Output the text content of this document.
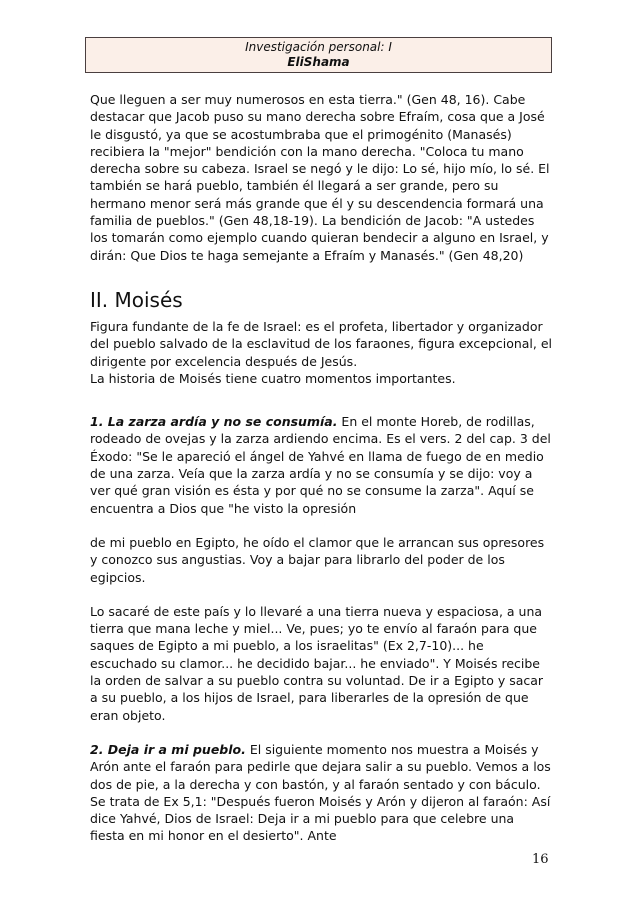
Investigación personal: I
EliShama

Que lleguen a ser muy numerosos en esta tierra." (Gen 48, 16). Cabe destacar que Jacob puso su mano derecha sobre Efraím, cosa que a José le disgustó, ya que se acostumbraba que el primogénito (Manasés) recibiera la "mejor" bendición con la mano derecha. "Coloca tu mano derecha sobre su cabeza. Israel se negó y le dijo: Lo sé, hijo mío, lo sé. El también se hará pueblo, también él llegará a ser grande, pero su hermano menor será más grande que él y su descendencia formará una familia de pueblos." (Gen 48,18-19). La bendición de Jacob: "A ustedes los tomarán como ejemplo cuando quieran bendecir a alguno en Israel, y dirán: Que Dios te haga semejante a Efraím y Manasés." (Gen 48,20)

II. Moisés

Figura fundante de la fe de Israel: es el profeta, libertador y organizador del pueblo salvado de la esclavitud de los faraones, figura excepcional, el dirigente por excelencia después de Jesús.

La historia de Moisés tiene cuatro momentos importantes.

1. La zarza ardía y no se consumía. En el monte Horeb, de rodillas, rodeado de ovejas y la zarza ardiendo encima. Es el vers. 2 del cap. 3 del Éxodo: "Se le apareció el ángel de Yahvé en llama de fuego de en medio de una zarza. Veía que la zarza ardía y no se consumía y se dijo: voy a ver qué gran visión es ésta y por qué no se consume la zarza". Aquí se encuentra a Dios que "he visto la opresión

de mi pueblo en Egipto, he oído el clamor que le arrancan sus opresores y conozco sus angustias. Voy a bajar para librarlo del poder de los egipcios.

Lo sacaré de este país y lo llevaré a una tierra nueva y espaciosa, a una tierra que mana leche y miel... Ve, pues; yo te envío al faraón para que saques de Egipto a mi pueblo, a los israelitas" (Ex 2,7-10)... he escuchado su clamor... he decidido bajar... he enviado". Y Moisés recibe la orden de salvar a su pueblo contra su voluntad. De ir a Egipto y sacar a su pueblo, a los hijos de Israel, para liberarles de la opresión de que eran objeto.

2. Deja ir a mi pueblo. El siguiente momento nos muestra a Moisés y Arón ante el faraón para pedirle que dejara salir a su pueblo. Vemos a los dos de pie, a la derecha y con bastón, y al faraón sentado y con báculo. Se trata de Ex 5,1: "Después fueron Moisés y Arón y dijeron al faraón: Así dice Yahvé, Dios de Israel: Deja ir a mi pueblo para que celebre una fiesta en mi honor en el desierto". Ante

16
